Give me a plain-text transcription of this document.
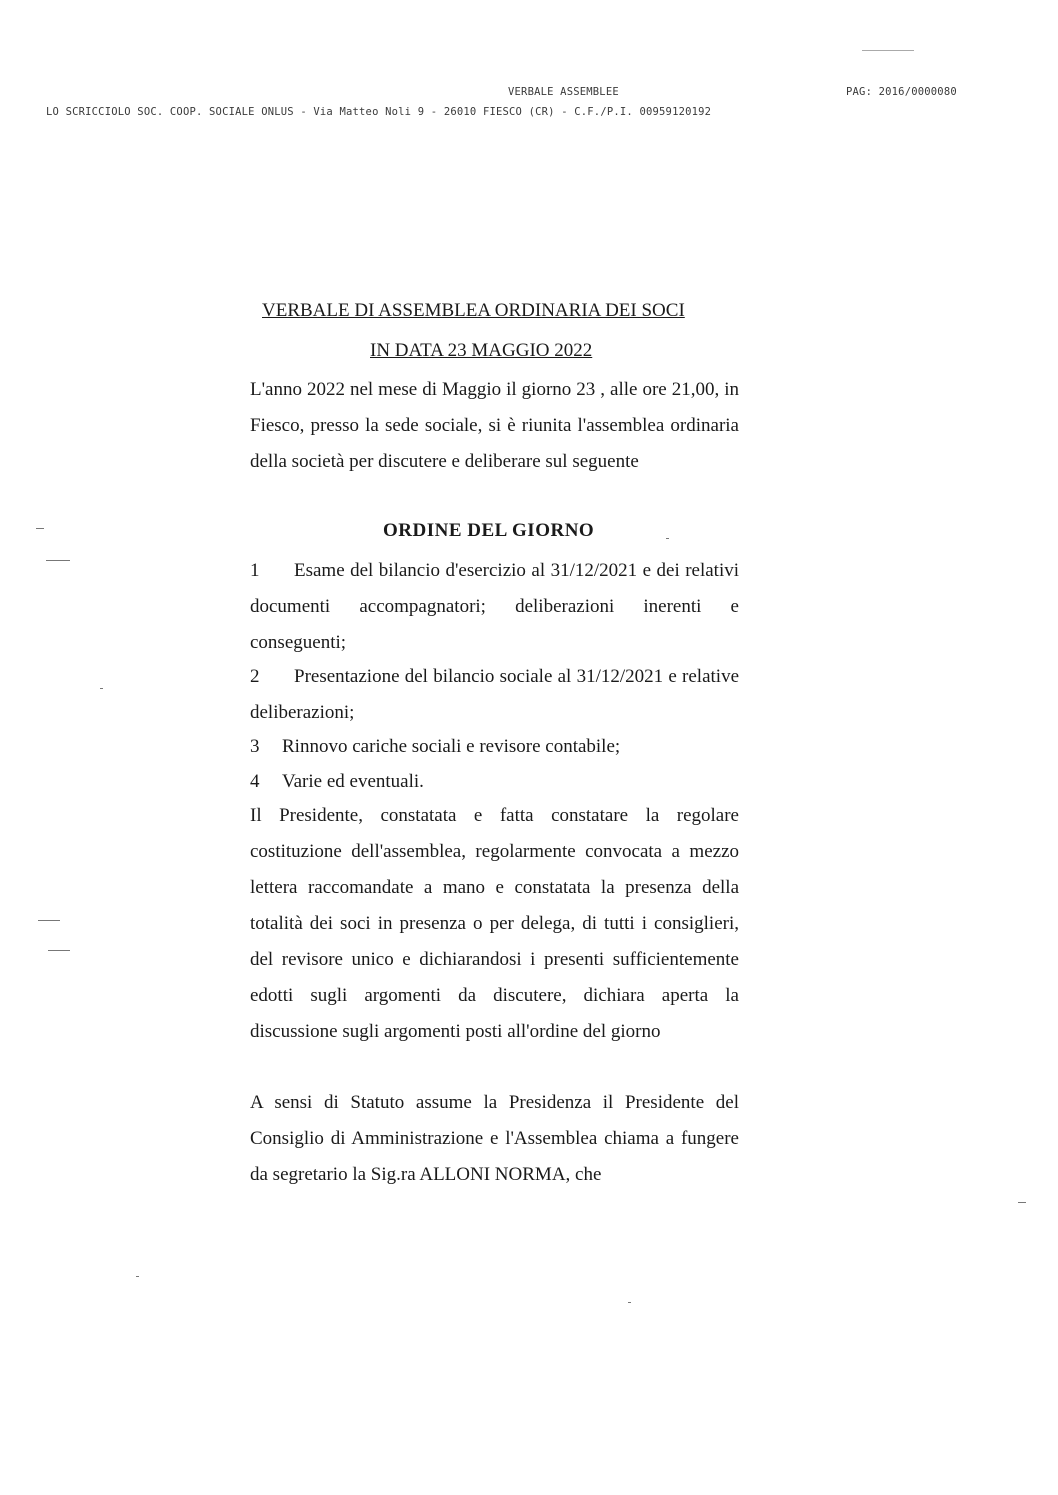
VERBALE ASSEMBLEE	PAG: 2016/0000080
LO SCRICCIOLO SOC. COOP. SOCIALE ONLUS - Via Matteo Noli 9 - 26010 FIESCO (CR) - C.F./P.I. 00959120192
VERBALE DI ASSEMBLEA ORDINARIA DEI SOCI
IN DATA 23 MAGGIO 2022

L'anno 2022 nel mese di Maggio il giorno 23 , alle ore 21,00, in Fiesco, presso la sede sociale, si è riunita l'assemblea ordinaria della società per discutere e deliberare sul seguente

ORDINE DEL GIORNO

1 Esame del bilancio d'esercizio al 31/12/2021 e dei relativi documenti accompagnatori; deliberazioni inerenti e conseguenti;

2 Presentazione del bilancio sociale al 31/12/2021 e relative deliberazioni;

3 Rinnovo cariche sociali e revisore contabile;

4 Varie ed eventuali.

Il Presidente, constatata e fatta constatare la regolare costituzione dell'assemblea, regolarmente convocata a mezzo lettera raccomandate a mano e constatata la presenza della totalità dei soci in presenza o per delega, di tutti i consiglieri, del revisore unico e dichiarandosi i presenti sufficientemente edotti sugli argomenti da discutere, dichiara aperta la discussione sugli argomenti posti all'ordine del giorno

A sensi di Statuto assume la Presidenza il Presidente del Consiglio di Amministrazione e l'Assemblea chiama a fungere da segretario la Sig.ra ALLONI NORMA, che
